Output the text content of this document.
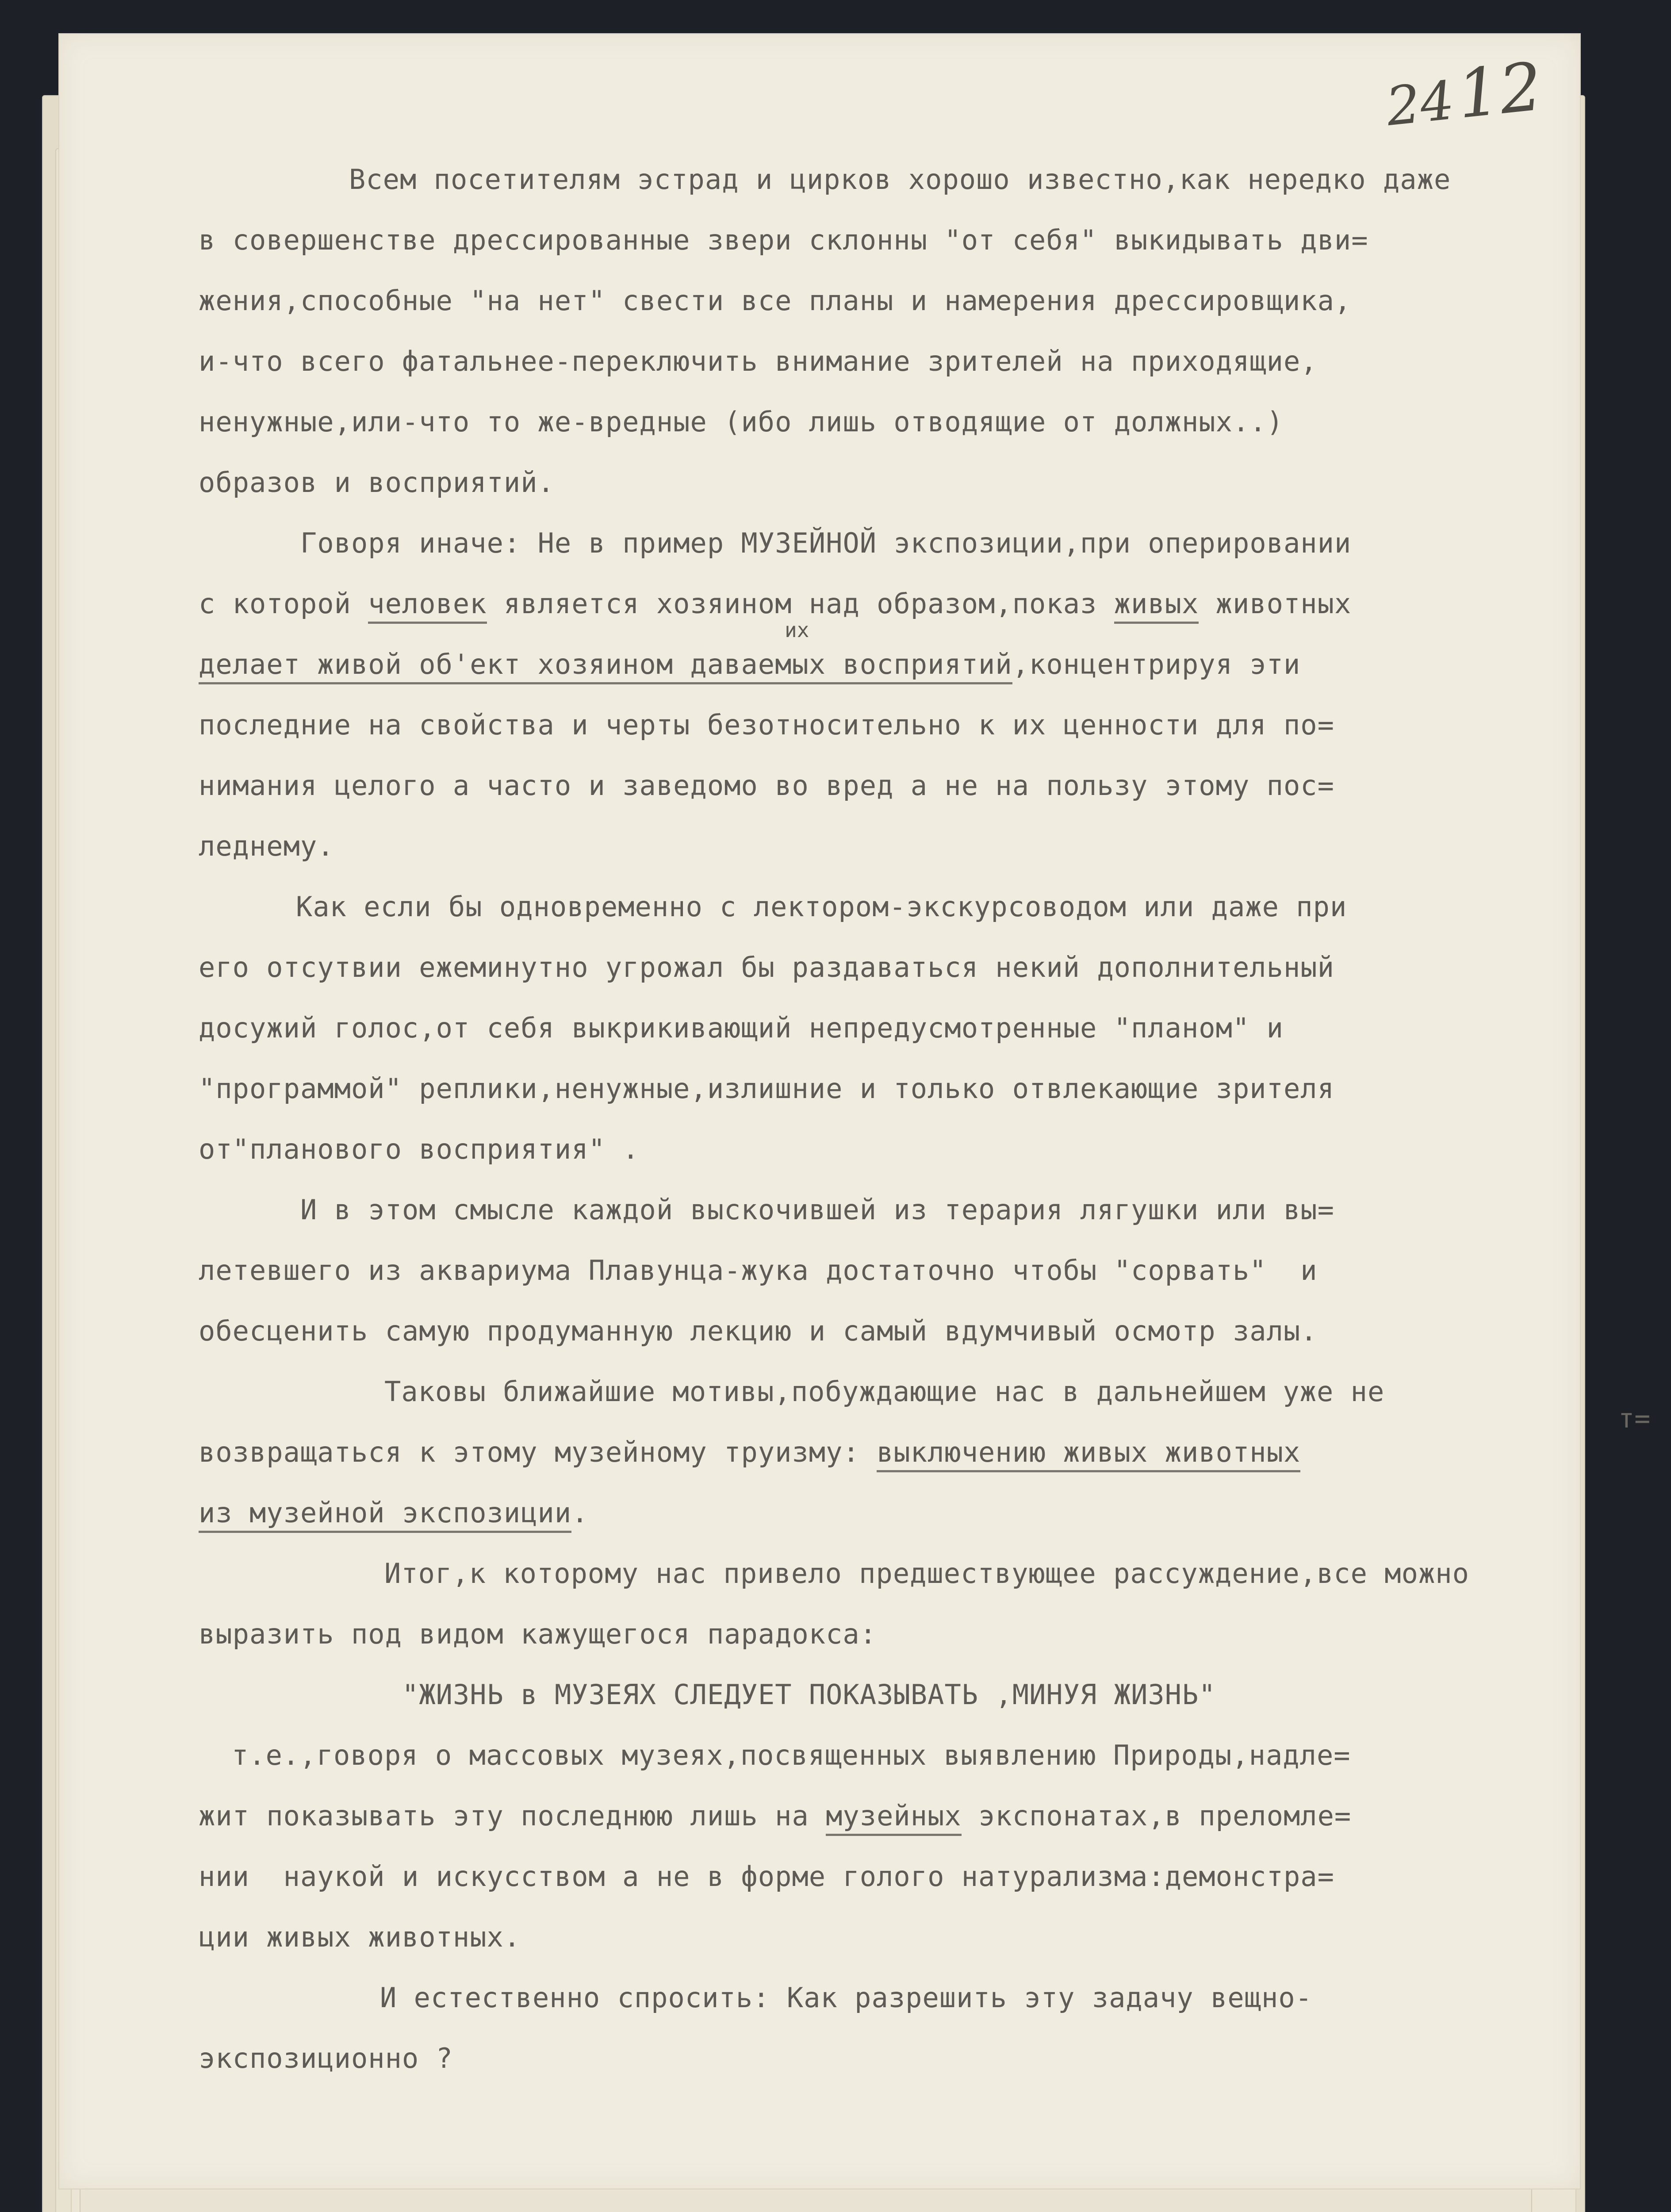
2412
их
т=
Всем посетителям эстрад и цирков хорошо известно,как нередко даже
в совершенстве дрессированные звери склонны "от себя" выкидывать дви=
жения,способные "на нет" свести все планы и намерения дрессировщика,
и-что всего фатальнее-переключить внимание зрителей на приходящие,
ненужные,или-что то же-вредные (ибо лишь отводящие от должных..)
образов и восприятий.
Говоря иначе: Не в пример МУЗЕЙНОЙ экспозиции,при оперировании
с которой человек является хозяином над образом,показ живых животных
делает живой об'ект хозяином даваемых восприятий,концентрируя эти
последние на свойства и черты безотносительно к их ценности для по=
нимания целого а часто и заведомо во вред а не на пользу этому пос=
леднему.
Как если бы одновременно с лектором-экскурсоводом или даже при
его отсутвии ежеминутно угрожал бы раздаваться некий дополнительный
досужий голос,от себя выкрикивающий непредусмотренные "планом" и
"программой" реплики,ненужные,излишние и только отвлекающие зрителя
от"планового восприятия" .
И в этом смысле каждой выскочившей из терария лягушки или вы=
летевшего из аквариума Плавунца-жука достаточно чтобы "сорвать"  и
обесценить самую продуманную лекцию и самый вдумчивый осмотр залы.
Таковы ближайшие мотивы,побуждающие нас в дальнейшем уже не
возвращаться к этому музейному труизму: выключению живых животных
из музейной экспозиции.
Итог,к которому нас привело предшествующее рассуждение,все можно
выразить под видом кажущегося парадокса:
"ЖИЗНЬ в МУЗЕЯХ СЛЕДУЕТ ПОКАЗЫВАТЬ ,МИНУЯ ЖИЗНЬ"
т.е.,говоря о массовых музеях,посвященных выявлению Природы,надле=
жит показывать эту последнюю лишь на музейных экспонатах,в преломле=
нии  наукой и искусством а не в форме голого натурализма:демонстра=
ции живых животных.
И естественно спросить: Как разрешить эту задачу вещно-
экспозиционно ?
